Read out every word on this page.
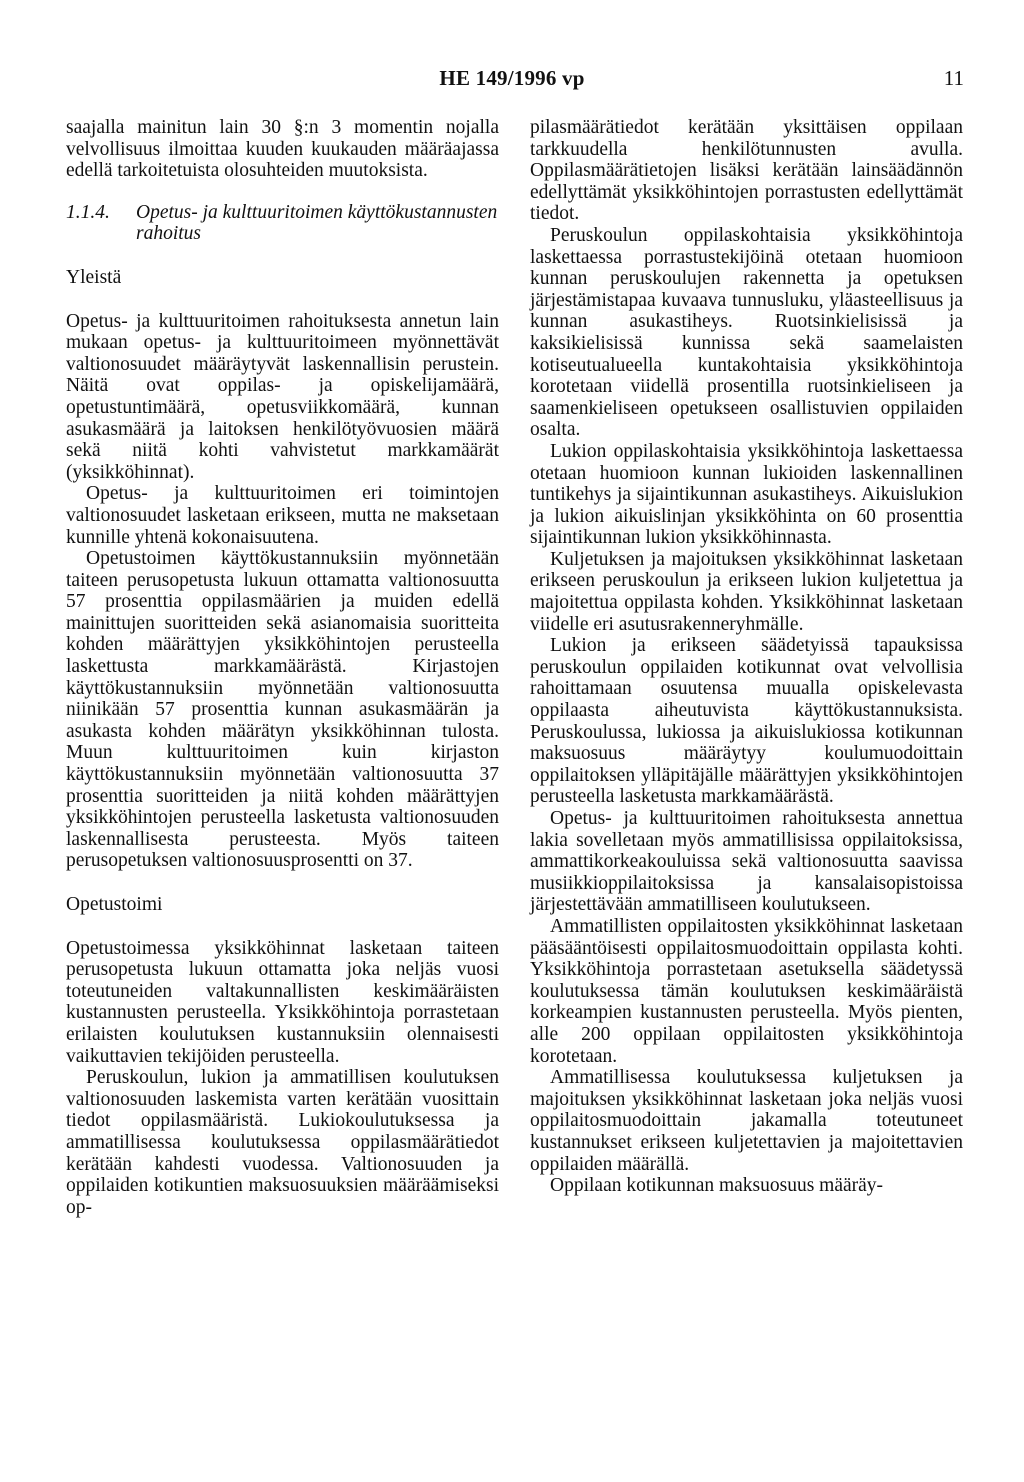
HE 149/1996 vp	11

saajalla mainitun lain 30 §:n 3 momentin nojalla velvollisuus ilmoittaa kuuden kuukauden määräajassa edellä tarkoitetuista olosuhteiden muutoksista.

1.1.4. Opetus- ja kulttuuritoimen käyttökustannusten rahoitus
Yleistä

Opetus- ja kulttuuritoimen rahoituksesta annetun lain mukaan opetus- ja kulttuuritoimeen myönnettävät valtionosuudet määräytyvät laskennallisin perustein. Näitä ovat oppilas- ja opiskelijamäärä, opetustuntimäärä, opetusviikkomäärä, kunnan asukasmäärä ja laitoksen henkilötyövuosien määrä sekä niitä kohti vahvistetut markkamäärät (yksikköhinnat).

Opetus- ja kulttuuritoimen eri toimintojen valtionosuudet lasketaan erikseen, mutta ne maksetaan kunnille yhtenä kokonaisuutena.

Opetustoimen käyttökustannuksiin myönnetään taiteen perusopetusta lukuun ottamatta valtionosuutta 57 prosenttia oppilasmäärien ja muiden edellä mainittujen suoritteiden sekä asianomaisia suoritteita kohden määrättyjen yksikköhintojen perusteella laskettusta markkamäärästä. Kirjastojen käyttökustannuksiin myönnetään valtionosuutta niinikään 57 prosenttia kunnan asukasmäärän ja asukasta kohden määrätyn yksikköhinnan tulosta. Muun kulttuuritoimen kuin kirjaston käyttökustannuksiin myönnetään valtionosuutta 37 prosenttia suoritteiden ja niitä kohden määrättyjen yksikköhintojen perusteella lasketusta valtionosuuden laskennallisesta perusteesta. Myös taiteen perusopetuksen valtionosuusprosentti on 37.

Opetustoimi

Opetustoimessa yksikköhinnat lasketaan taiteen perusopetusta lukuun ottamatta joka neljäs vuosi toteutuneiden valtakunnallisten keskimääräisten kustannusten perusteella. Yksikköhintoja porrastetaan erilaisten koulutuksen kustannuksiin olennaisesti vaikuttavien tekijöiden perusteella.

Peruskoulun, lukion ja ammatillisen koulutuksen valtionosuuden laskemista varten kerätään vuosittain tiedot oppilasmääristä. Lukiokoulutuksessa ja ammatillisessa koulutuksessa oppilasmäärätiedot kerätään kahdesti vuodessa. Valtionosuuden ja oppilaiden kotikuntien maksuosuuksien määräämiseksi op-

pilasmäärätiedot kerätään yksittäisen oppilaan tarkkuudella henkilötunnusten avulla. Oppilasmäärätietojen lisäksi kerätään lainsäädännön edellyttämät yksikköhintojen porrastusten edellyttämät tiedot.

Peruskoulun oppilaskohtaisia yksikköhintoja laskettaessa porrastustekijöinä otetaan huomioon kunnan peruskoulujen rakennetta ja opetuksen järjestämistapaa kuvaava tunnusluku, yläasteellisuus ja kunnan asukastiheys. Ruotsinkielisissä ja kaksikielisissä kunnissa sekä saamelaisten kotiseutualueella kuntakohtaisia yksikköhintoja korotetaan viidellä prosentilla ruotsinkieliseen ja saamenkieliseen opetukseen osallistuvien oppilaiden osalta.

Lukion oppilaskohtaisia yksikköhintoja laskettaessa otetaan huomioon kunnan lukioiden laskennallinen tuntikehys ja sijaintikunnan asukastiheys. Aikuislukion ja lukion aikuislinjan yksikköhinta on 60 prosenttia sijaintikunnan lukion yksikköhinnasta.

Kuljetuksen ja majoituksen yksikköhinnat lasketaan erikseen peruskoulun ja erikseen lukion kuljetettua ja majoitettua oppilasta kohden. Yksikköhinnat lasketaan viidelle eri asutusrakenneryhmälle.

Lukion ja erikseen säädetyissä tapauksissa peruskoulun oppilaiden kotikunnat ovat velvollisia rahoittamaan osuutensa muualla opiskelevasta oppilaasta aiheutuvista käyttökustannuksista. Peruskoulussa, lukiossa ja aikuislukiossa kotikunnan maksuosuus määräytyy koulumuodoittain oppilaitoksen ylläpitäjälle määrättyjen yksikköhintojen perusteella lasketusta markkamäärästä.

Opetus- ja kulttuuritoimen rahoituksesta annettua lakia sovelletaan myös ammatillisissa oppilaitoksissa, ammattikorkeakouluissa sekä valtionosuutta saavissa musiikkioppilaitoksissa ja kansalaisopistoissa järjestettävään ammatilliseen koulutukseen.

Ammatillisten oppilaitosten yksikköhinnat lasketaan pääsääntöisesti oppilaitosmuodoittain oppilasta kohti. Yksikköhintoja porrastetaan asetuksella säädetyssä koulutuksessa tämän koulutuksen keskimääräistä korkeampien kustannusten perusteella. Myös pienten, alle 200 oppilaan oppilaitosten yksikköhintoja korotetaan.

Ammatillisessa koulutuksessa kuljetuksen ja majoituksen yksikköhinnat lasketaan joka neljäs vuosi oppilaitosmuodoittain jakamalla toteutuneet kustannukset erikseen kuljetettavien ja majoitettavien oppilaiden määrällä.

Oppilaan kotikunnan maksuosuus määräy-
